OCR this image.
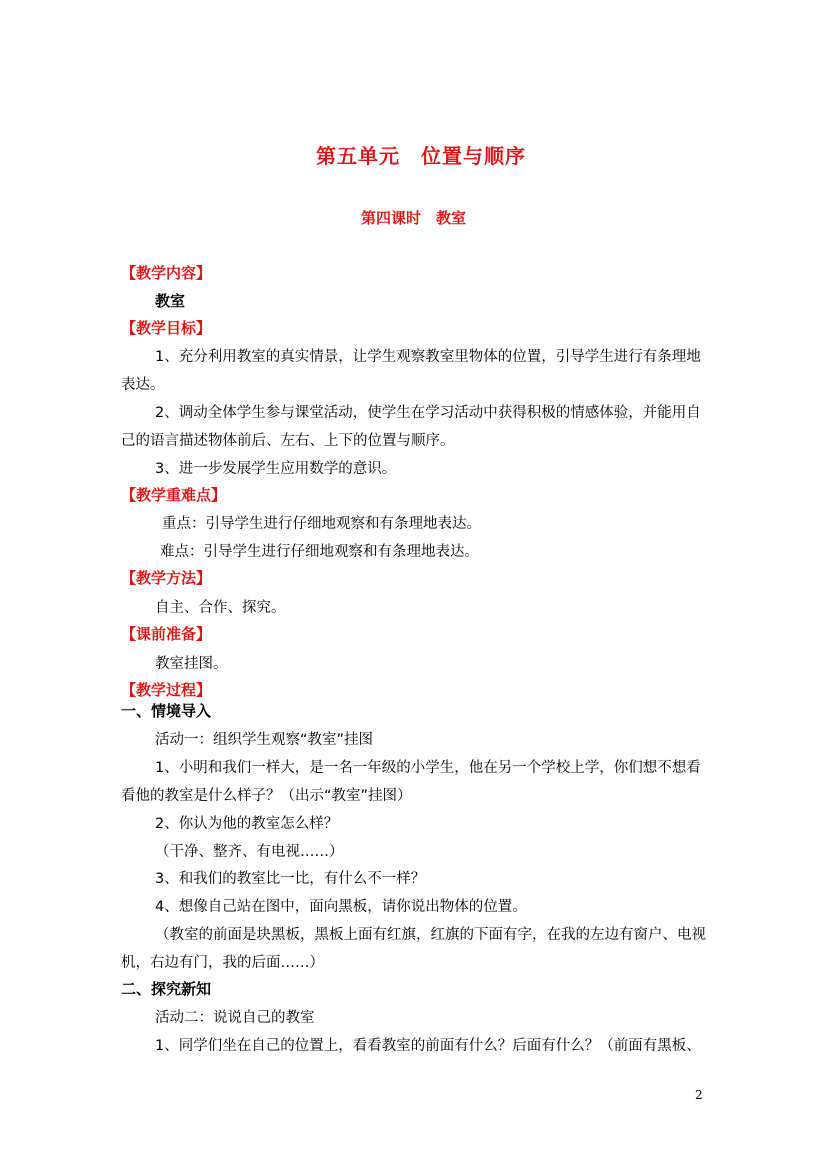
第五单元　位置与顺序
第四课时　教室
【教学内容】
教室
【教学目标】
1、充分利用教室的真实情景，让学生观察教室里物体的位置，引导学生进行有条理地
表达。
2、调动全体学生参与课堂活动，使学生在学习活动中获得积极的情感体验，并能用自
己的语言描述物体前后、左右、上下的位置与顺序。
3、进一步发展学生应用数学的意识。
【教学重难点】
重点：引导学生进行仔细地观察和有条理地表达。
难点：引导学生进行仔细地观察和有条理地表达。
【教学方法】
自主、合作、探究。
【课前准备】
教室挂图。
【教学过程】
一、情境导入
活动一：组织学生观察“教室”挂图
1、小明和我们一样大，是一名一年级的小学生，他在另一个学校上学，你们想不想看
看他的教室是什么样子？（出示“教室”挂图）
2、你认为他的教室怎么样？
（干净、整齐、有电视……）
3、和我们的教室比一比，有什么不一样？
4、想像自己站在图中，面向黑板，请你说出物体的位置。
（教室的前面是块黑板，黑板上面有红旗，红旗的下面有字，在我的左边有窗户、电视
机，右边有门，我的后面……）
二、探究新知
活动二：说说自己的教室
1、同学们坐在自己的位置上，看看教室的前面有什么？后面有什么？（前面有黑板、
2
